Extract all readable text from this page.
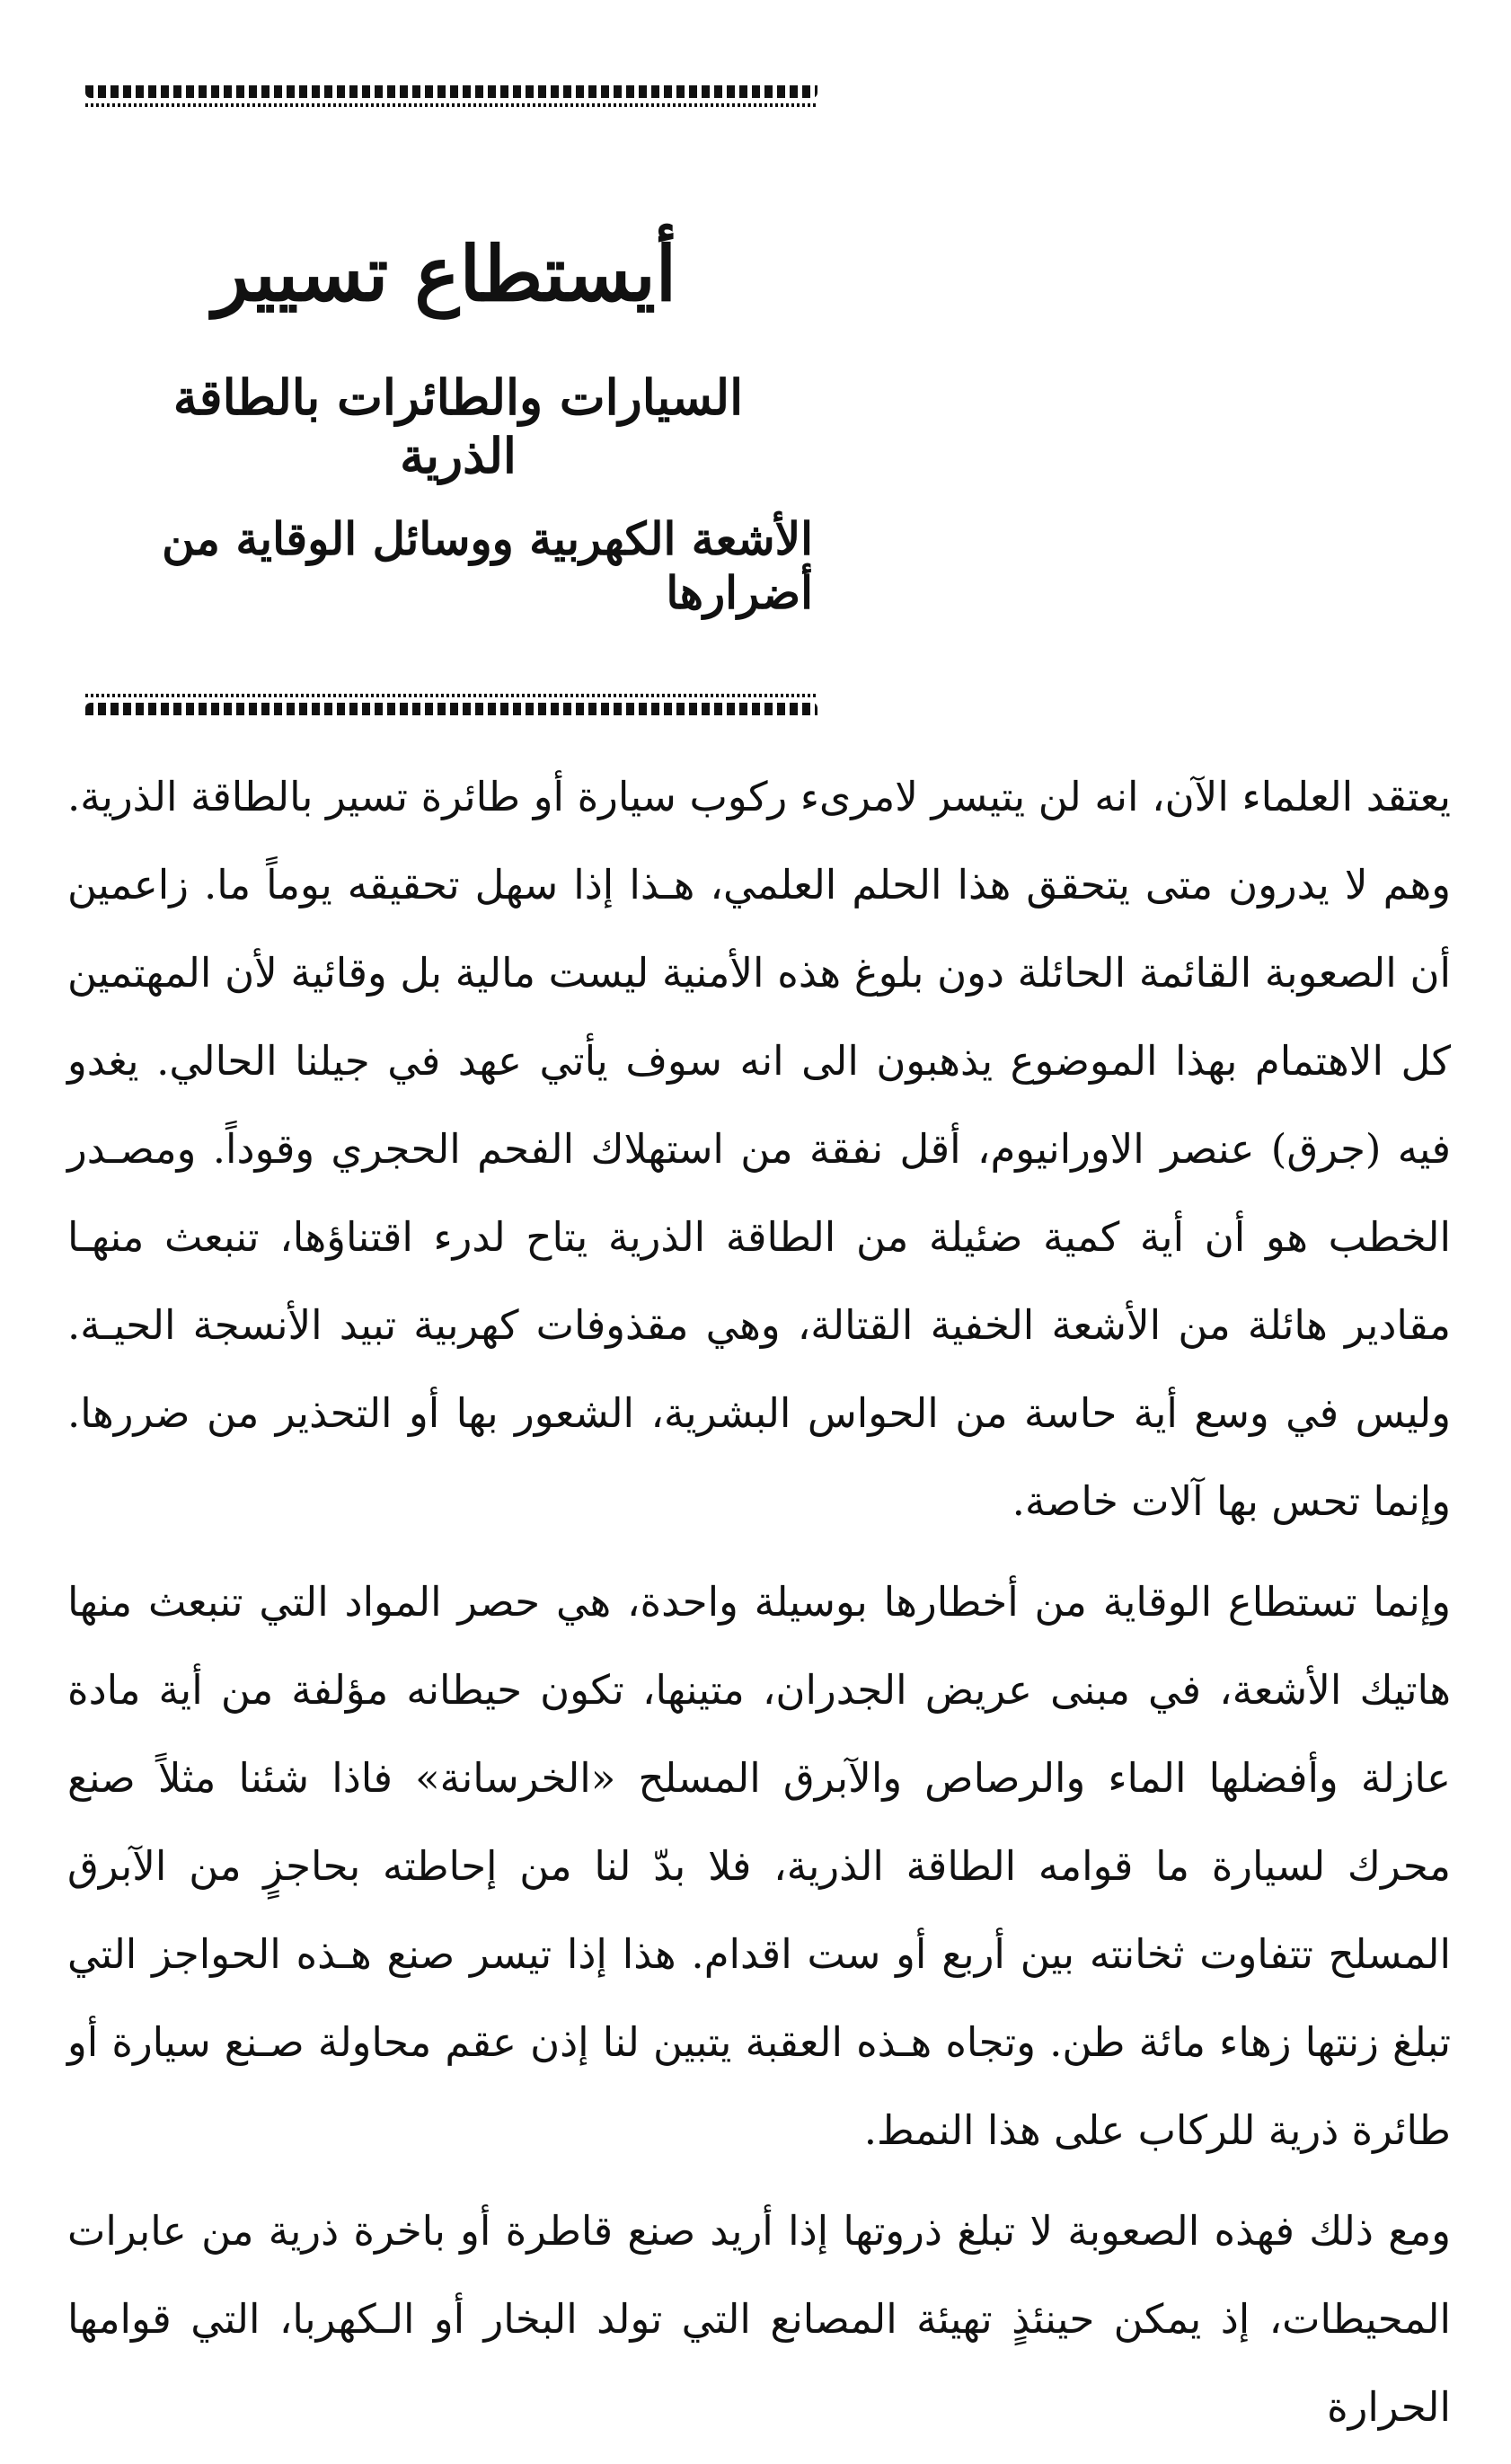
أيستطاع تسيير
السيارات والطائرات بالطاقة الذرية
الأشعة الكهربية ووسائل الوقاية من أضرارها

يعتقد العلماء الآن، انه لن يتيسر لامرىء ركوب سيارة أو طائرة تسير بالطاقة الذرية. وهم لا يدرون متى يتحقق هذا الحلم العلمي، هـذا إذا سهل تحقيقه يوماً ما. زاعمين أن الصعوبة القائمة الحائلة دون بلوغ هذه الأمنية ليست مالية بل وقائية لأن المهتمين كل الاهتمام بهذا الموضوع يذهبون الى انه سوف يأتي عهد في جيلنا الحالي. يغدو فيه (جرق) عنصر الاورانيوم، أقل نفقة من استهلاك الفحم الحجري وقوداً. ومصـدر الخطب هو أن أية كمية ضئيلة من الطاقة الذرية يتاح لدرء اقتناؤها، تنبعث منهـا مقادير هائلة من الأشعة الخفية القتالة، وهي مقذوفات كهربية تبيد الأنسجة الحيـة. وليس في وسع أية حاسة من الحواس البشرية، الشعور بها أو التحذير من ضررها. وإنما تحس بها آلات خاصة.

وإنما تستطاع الوقاية من أخطارها بوسيلة واحدة، هي حصر المواد التي تنبعث منها هاتيك الأشعة، في مبنى عريض الجدران، متينها، تكون حيطانه مؤلفة من أية مادة عازلة وأفضلها الماء والرصاص والآبرق المسلح «الخرسانة» فاذا شئنا مثلاً صنع محرك لسيارة ما قوامه الطاقة الذرية، فلا بدّ لنا من إحاطته بحاجزٍ من الآبرق المسلح تتفاوت ثخانته بين أربع أو ست اقدام. هذا إذا تيسر صنع هـذه الحواجز التي تبلغ زنتها زهاء مائة طن. وتجاه هـذه العقبة يتبين لنا إذن عقم محاولة صـنع سيارة أو طائرة ذرية للركاب على هذا النمط.

ومع ذلك فهذه الصعوبة لا تبلغ ذروتها إذا أريد صنع قاطرة أو باخرة ذرية من عابرات المحيطات، إذ يمكن حينئذٍ تهيئة المصانع التي تولد البخار أو الـكهربا، التي قوامها الحرارة
